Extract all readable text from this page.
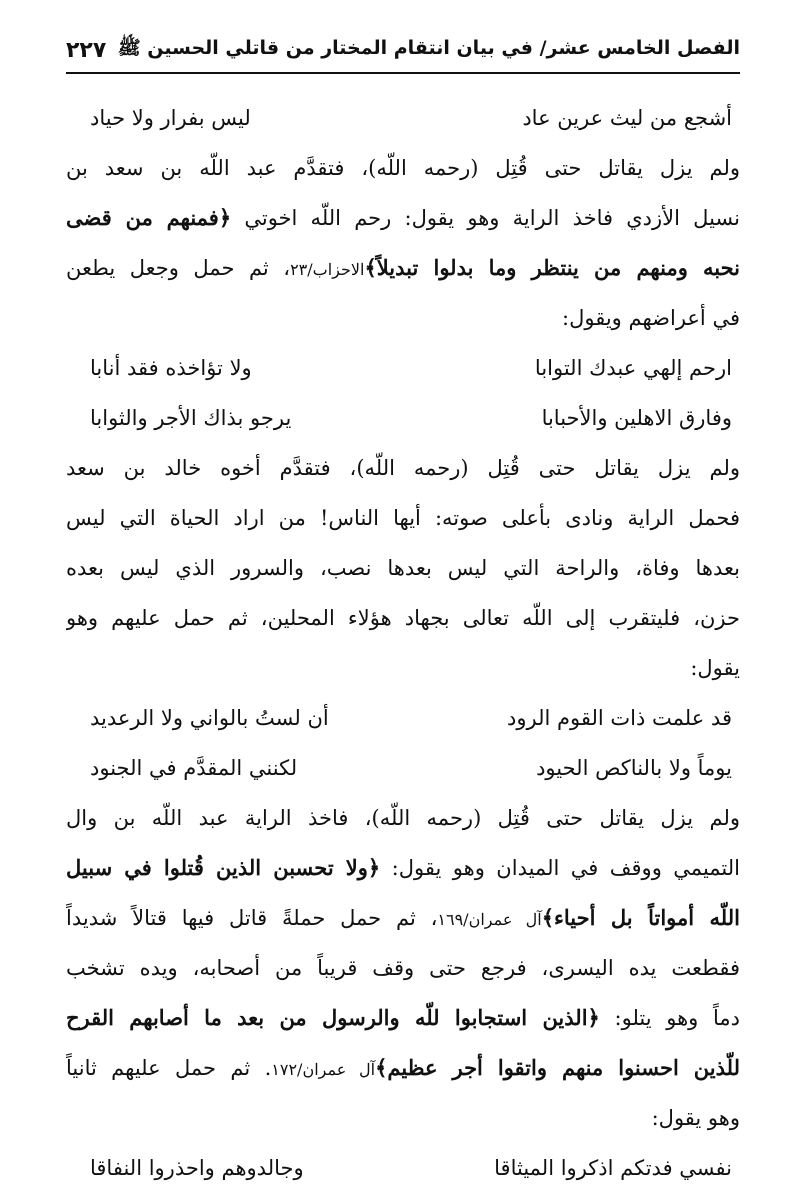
الفصل الخامس عشر/ في بيان انتقام المختار من قاتلي الحسين ﷺ
٢٢٧
أشجع من ليث عرين عاد
ليس بفرار ولا حياد
ولم يزل يقاتل حتى قُتِل (رحمه اللّه)، فتقدَّم عبد اللّه بن سعد بن
نسيل الأزدي فاخذ الراية وهو يقول: رحم اللّه اخوتي ﴿فمنهم من قضى
نحبه ومنهم من ينتظر وما بدلوا تبديلاً﴾الاحزاب/٢٣، ثم حمل وجعل يطعن
في أعراضهم ويقول:
ارحم إلهي عبدك التوابا
ولا تؤاخذه فقد أنابا
وفارق الاهلين والأحبابا
يرجو بذاك الأجر والثوابا
ولم يزل يقاتل حتى قُتِل (رحمه اللّه)، فتقدَّم أخوه خالد بن سعد
فحمل الراية ونادى بأعلى صوته: أيها الناس! من اراد الحياة التي ليس
بعدها وفاة، والراحة التي ليس بعدها نصب، والسرور الذي ليس بعده
حزن، فليتقرب إلى اللّه تعالى بجهاد هؤلاء المحلين، ثم حمل عليهم وهو
يقول:
قد علمت ذات القوم الرود
أن لستُ بالواني ولا الرعديد
يوماً ولا بالناكص الحيود
لكنني المقدَّم في الجنود
ولم يزل يقاتل حتى قُتِل (رحمه اللّه)، فاخذ الراية عبد اللّه بن وال
التميمي ووقف في الميدان وهو يقول: ﴿ولا تحسبن الذين قُتلوا في سبيل
اللّه أمواتاً بل أحياء﴾آل عمران/١٦٩، ثم حمل حملةً قاتل فيها قتالاً شديداً
فقطعت يده اليسرى، فرجع حتى وقف قريباً من أصحابه، ويده تشخب
دماً وهو يتلو: ﴿الذين استجابوا للّه والرسول من بعد ما أصابهم القرح
للّذين احسنوا منهم واتقوا أجر عظيم﴾آل عمران/١٧٢. ثم حمل عليهم ثانياً
وهو يقول:
نفسي فدتكم اذكروا الميثاقا
وجالدوهم واحذروا النفاقا
